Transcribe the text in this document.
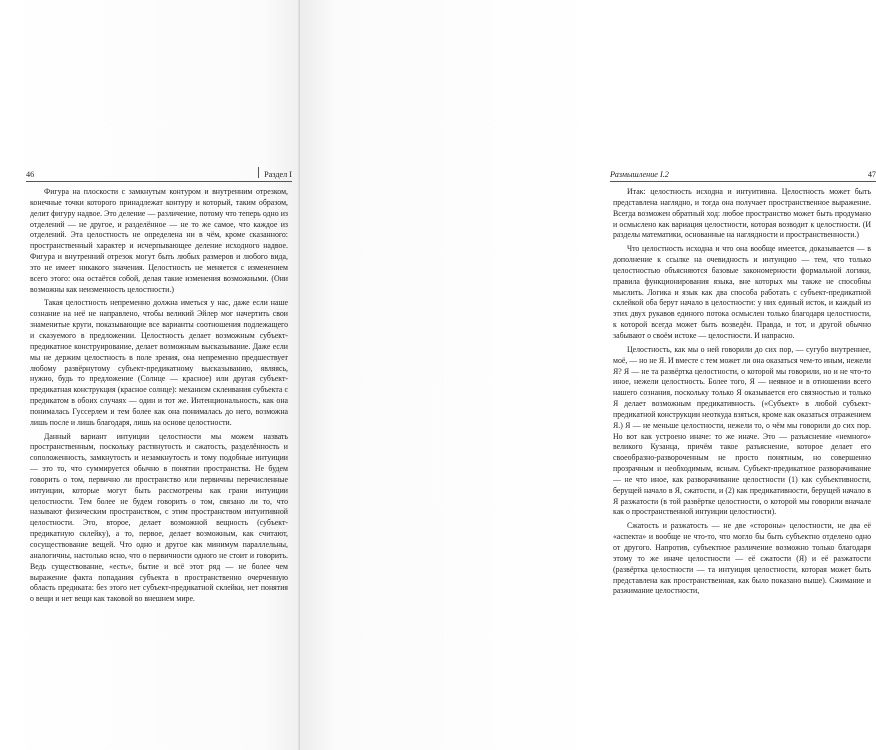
46	Раздел I

Фигура на плоскости с замкнутым контуром и внутренним отрезком, конечные точки которого принадлежат контуру и который, таким образом, делит фигуру надвое. Это деление — различение, потому что теперь одно из отделений — не другое, и разделённое — не то же самое, что каждое из отделений. Эта целостность не определена ни в чём, кроме сказанного: пространственный характер и исчерпывающее деление исходного надвое. Фигура и внутренний отрезок могут быть любых размеров и любого вида, это не имеет никакого значения. Целостность не меняется с изменением всего этого: она остаётся собой, делая такие изменения возможными. (Они возможны как неизменность целостности.)

Такая целостность непременно должна иметься у нас, даже если наше сознание на неё не направлено, чтобы великий Эйлер мог начертить свои знаменитые круги, показывающие все варианты соотношения подлежащего и сказуемого в предложении. Целостность делает возможным субъект-предикатное конструирование, делает возможным высказывание. Даже если мы не держим целостность в поле зрения, она непременно предшествует любому развёрнутому субъект-предикатному высказыванию, являясь, нужно, будь то предложение (Солнце — красное) или другая субъект-предикатная конструкция (красное солнце): механизм склеивания субъекта с предикатом в обоих случаях — один и тот же. Интенциональность, как она понималась Гуссерлем и тем более как она понималась до него, возможна лишь после и лишь благодаря, лишь на основе целостности.

Данный вариант интуиции целостности мы можем назвать пространственным, поскольку растянутость и сжатость, разделённость и соположенность, замкнутость и незамкнутость и тому подобные интуиции — это то, что суммируется обычно в понятии пространства. Не будем говорить о том, первично ли пространство или первичны перечисленные интуиции, которые могут быть рассмотрены как грани интуиции целостности. Тем более не будем говорить о том, связано ли то, что называют физическим пространством, с этим пространством интуитивной целостности. Это, второе, делает возможной вещность (субъект-предикатную склейку), а то, первое, делает возможным, как считают, сосуществование вещей. Что одно и другое как минимум параллельны, аналогичны, настолько ясно, что о первичности одного не стоит и говорить. Ведь существование, «есть», бытие и всё этот ряд — не более чем выражение факта попадания субъекта в пространственно очерченную область предиката: без этого нет субъект-предикатной склейки, нет понятия о вещи и нет вещи как таковой во внешнем мире.

Размышление I.2	47

Итак: целостность исходна и интуитивна. Целостность может быть представлена наглядно, и тогда она получает пространственное выражение. Всегда возможен обратный ход: любое пространство может быть продумано и осмыслено как вариация целостности, которая возводит к целостности. (И разделы математики, основанные на наглядности и пространственности.)

Что целостность исходна и что она вообще имеется, доказывается — в дополнение к ссылке на очевидность и интуицию — тем, что только целостностью объясняются базовые закономерности формальной логики, правила функционирования языка, вне которых мы также не способны мыслить. Логика и язык как два способа работать с субъект-предикатной склейкой оба берут начало в целостности: у них единый исток, и каждый из этих двух рукавов единого потока осмыслен только благодаря целостности, к которой всегда может быть возведён. Правда, и тот, и другой обычно забывают о своём истоке — целостности. И напрасно.

Целостность, как мы о ней говорили до сих пор, — сугубо внутреннее, моё, — но не Я. И вместе с тем может ли она оказаться чем-то иным, нежели Я? Я — не та развёртка целостности, о которой мы говорили, но и не что-то иное, нежели целостность. Более того, Я — неявное и в отношении всего нашего сознания, поскольку только Я оказывается его связностью и только Я делает возможным предикативность. («Субъект» в любой субъект-предикатной конструкции неоткуда взяться, кроме как оказаться отражением Я.) Я — не меньше целостности, нежели то, о чём мы говорили до сих пор. Но вот как устроено иначе: то же иначе. Это — разъяснение «немного» великого Кузанца, причём такое разъяснение, которое делает его своеобразно-развороченным не просто понятным, но совершенно прозрачным и необходимым, ясным. Субъект-предикатное разворачивание — не что иное, как разворачивание целостности (1) как субъективности, берущей начало в Я, сжатости, и (2) как предикативности, берущей начало в Я разжатости (в той развёртке целостности, о которой мы говорили вначале как о пространственной интуиции целостности).

Сжатость и разжатость — не две «стороны» целостности, не два её «аспекта» и вообще не что-то, что могло бы быть субъектно отделено одно от другого. Напротив, субъектное различение возможно только благодаря этому то же иначе целостности — её сжатости (Я) и её разжатости (развёртка целостности — та интуиция целостности, которая может быть представлена как пространственная, как было показано выше). Сжимание и разжимание целостности,
